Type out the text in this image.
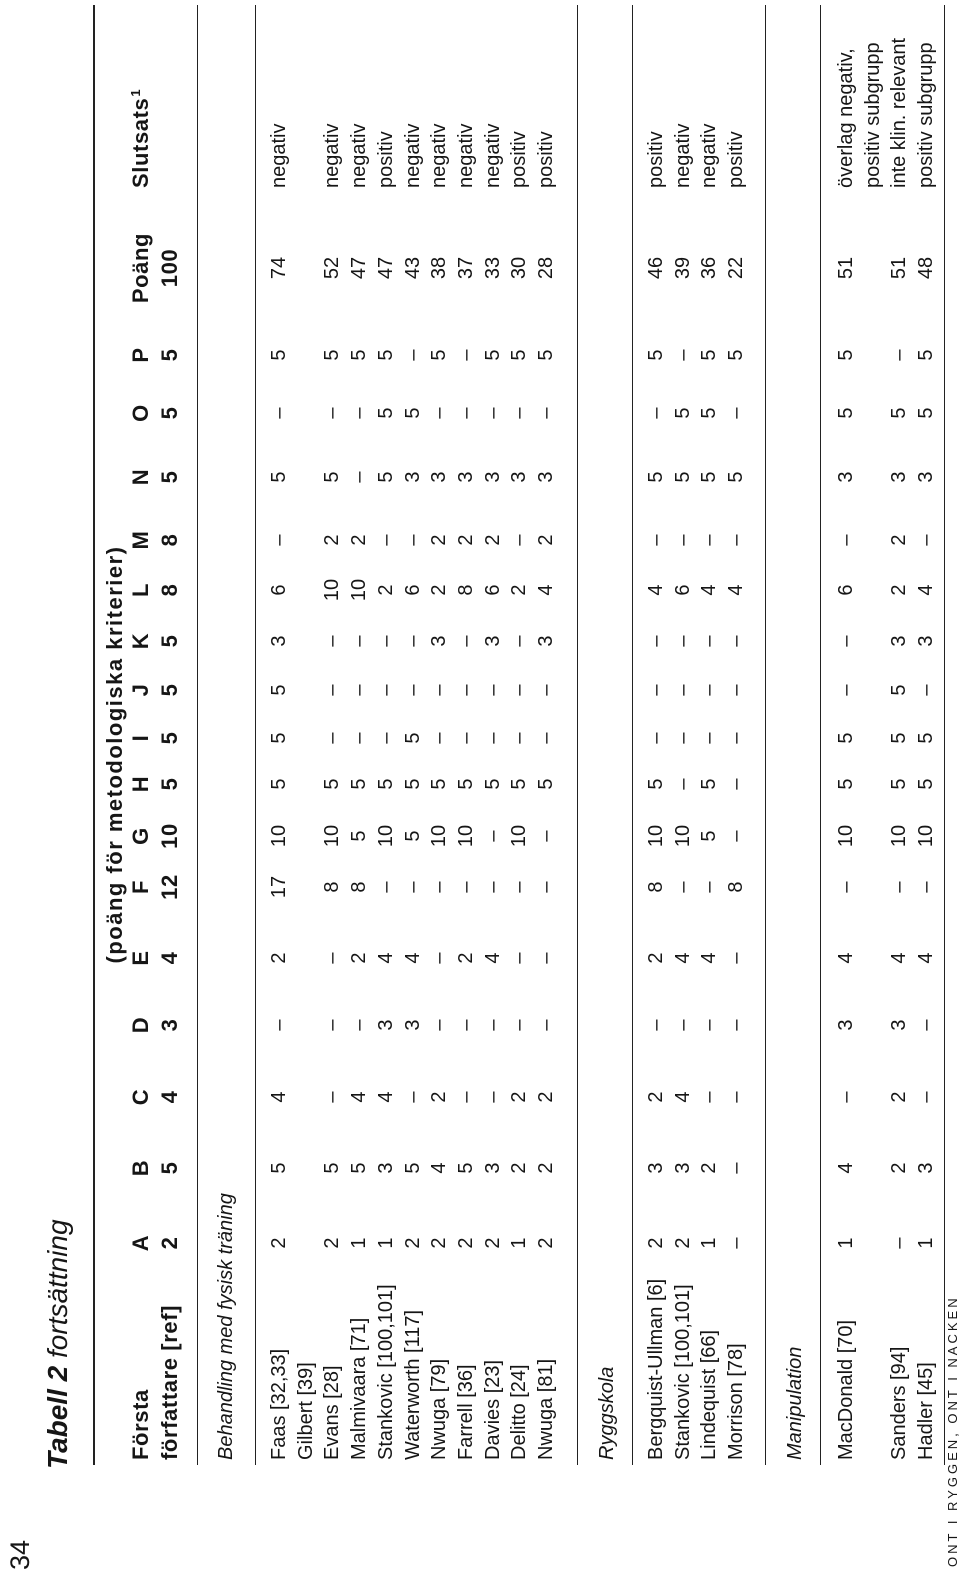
34
Tabell 2 fortsättning
ONT I RYGGEN, ONT I NACKEN
(poäng för metodologiska kriterier)
Första
A
B
C
D
E
F
G
H
I
J
K
L
M
N
O
P
Poäng
Slutsats$^1$
författare [ref]
2
5
4
3
4
12
10
5
5
5
5
8
8
5
5
5
100
Behandling med fysisk träning Faas [32,33]
2
5
4
–
2
17
10
5
5
5
3
6
–
5
–
5
74
negativ
Gilbert [39] Evans [28]
2
5
–
–
–
8
10
5
–
–
–
10
2
5
–
5
52
negativ
Malmivaara [71]
1
5
4
–
2
8
5
5
–
–
–
10
2
–
–
5
47
negativ
Stankovic [100,101]
1
3
4
3
4
–
10
5
–
–
–
2
–
5
5
5
47
positiv
Waterworth [117]
2
5
–
3
4
–
5
5
5
–
–
6
–
3
5
–
43
negativ
Nwuga [79]
2
4
2
–
–
–
10
5
–
–
3
2
2
3
–
5
38
negativ
Farrell [36]
2
5
–
–
2
–
10
5
–
–
–
8
2
3
–
–
37
negativ
Davies [23]
2
3
–
–
4
–
–
5
–
–
3
6
2
3
–
5
33
negativ
Delitto [24]
1
2
2
–
–
–
10
5
–
–
–
2
–
3
–
5
30
positiv
Nwuga [81]
2
2
2
–
–
–
–
5
–
–
3
4
2
3
–
5
28
positiv
Ryggskola Bergquist-Ullman [6]
2
3
2
–
2
8
10
5
–
–
–
4
–
5
–
5
46
positiv
Stankovic [100,101]
2
3
4
–
4
–
10
–
–
–
–
6
–
5
5
–
39
negativ
Lindequist [66]
1
2
–
–
4
–
5
5
–
–
–
4
–
5
5
5
36
negativ
Morrison [78]
–
–
–
–
–
8
–
–
–
–
–
4
–
5
–
5
22
positiv
Manipulation MacDonald [70]
1
4
–
3
4
–
10
5
5
–
–
6
–
3
5
5
51
överlag negativ, positiv subgrupp
Sanders [94]
–
2
2
3
4
–
10
5
5
5
3
2
2
3
5
–
51
inte klin. relevant
Hadler [45]
1
3
–
–
4
–
10
5
5
–
3
4
–
3
5
5
48
positiv subgrupp
